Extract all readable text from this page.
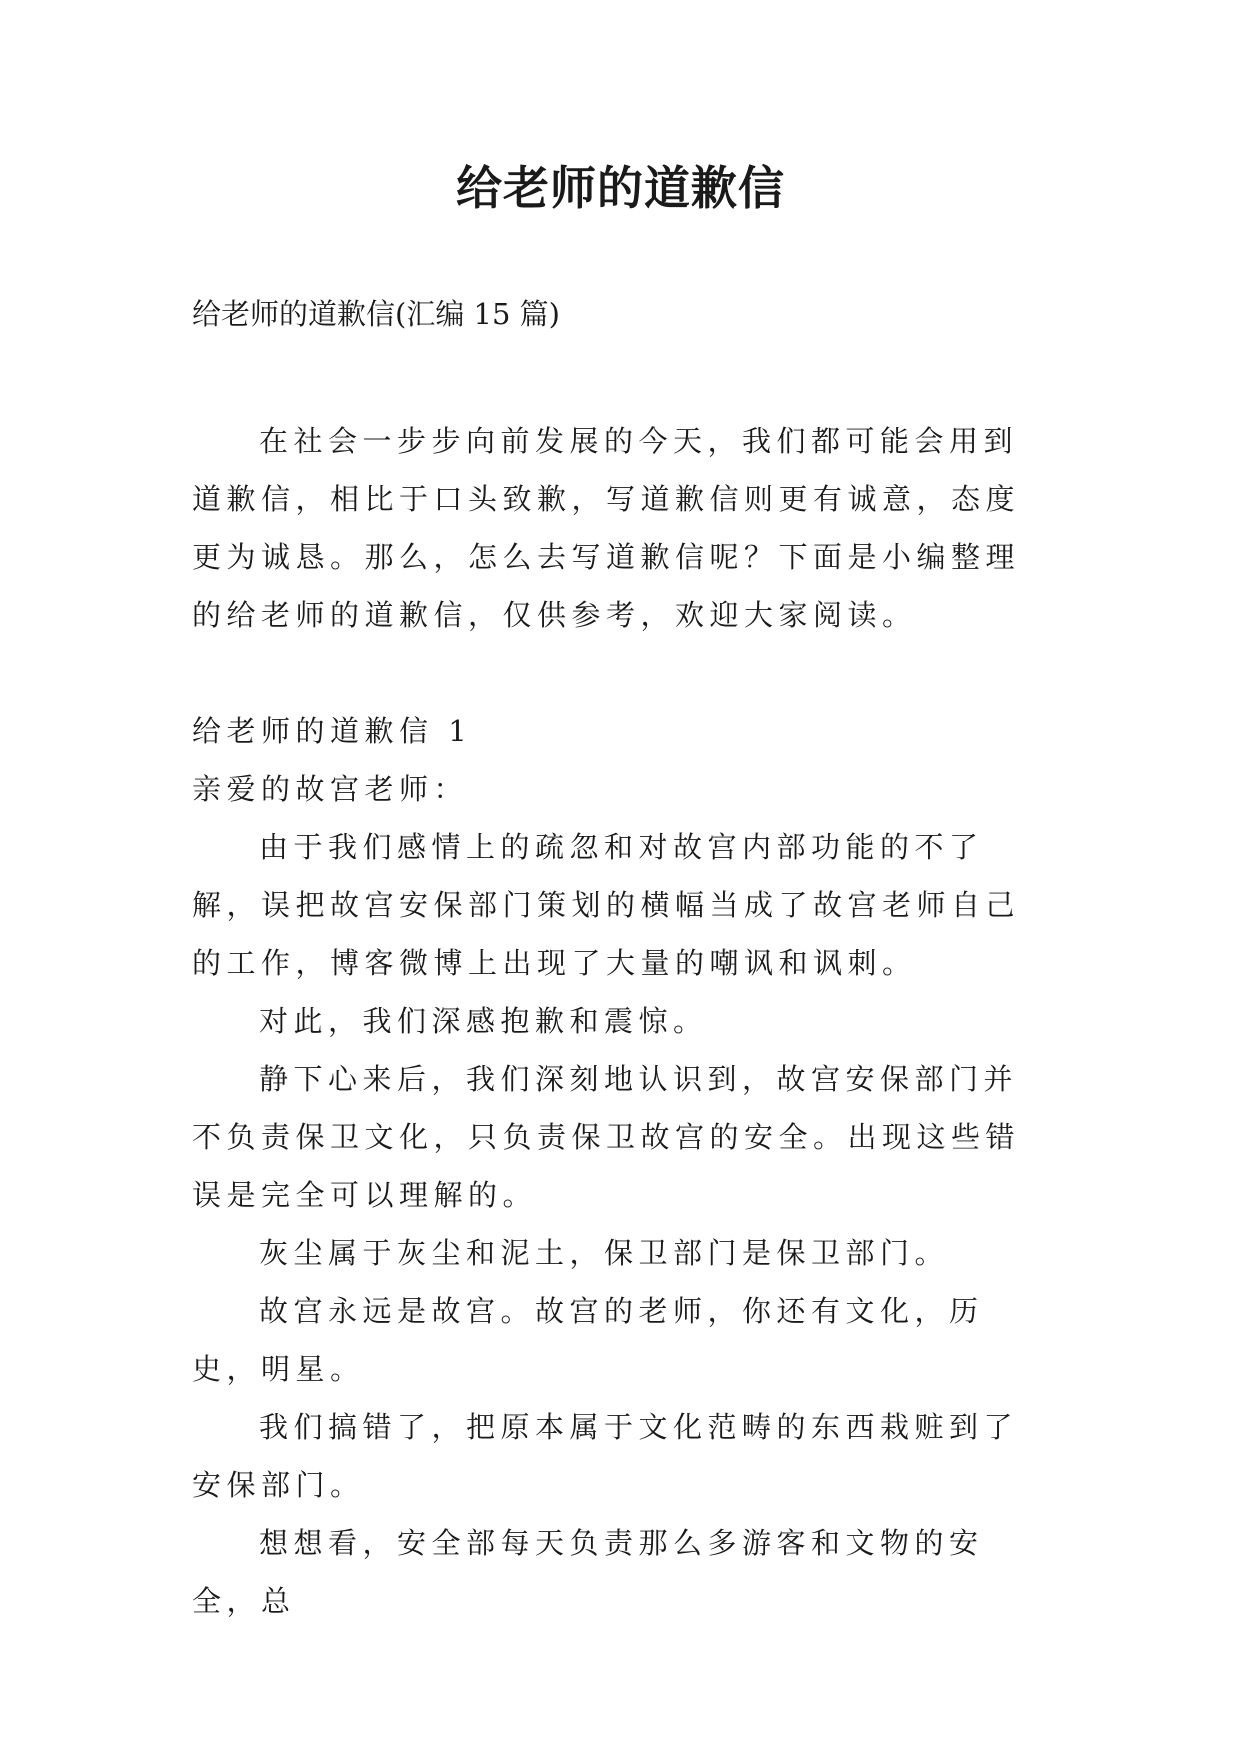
给老师的道歉信
给老师的道歉信(汇编 15 篇)

在社会一步步向前发展的今天，我们都可能会用到道歉信，相比于口头致歉，写道歉信则更有诚意，态度更为诚恳。那么，怎么去写道歉信呢？下面是小编整理的给老师的道歉信，仅供参考，欢迎大家阅读。

给老师的道歉信 1

亲爱的故宫老师：

由于我们感情上的疏忽和对故宫内部功能的不了解，误把故宫安保部门策划的横幅当成了故宫老师自己的工作，博客微博上出现了大量的嘲讽和讽刺。

对此，我们深感抱歉和震惊。

静下心来后，我们深刻地认识到，故宫安保部门并不负责保卫文化，只负责保卫故宫的安全。出现这些错误是完全可以理解的。

灰尘属于灰尘和泥土，保卫部门是保卫部门。

故宫永远是故宫。故宫的老师，你还有文化，历史，明星。

我们搞错了，把原本属于文化范畴的东西栽赃到了安保部门。

想想看，安全部每天负责那么多游客和文物的安全，总
